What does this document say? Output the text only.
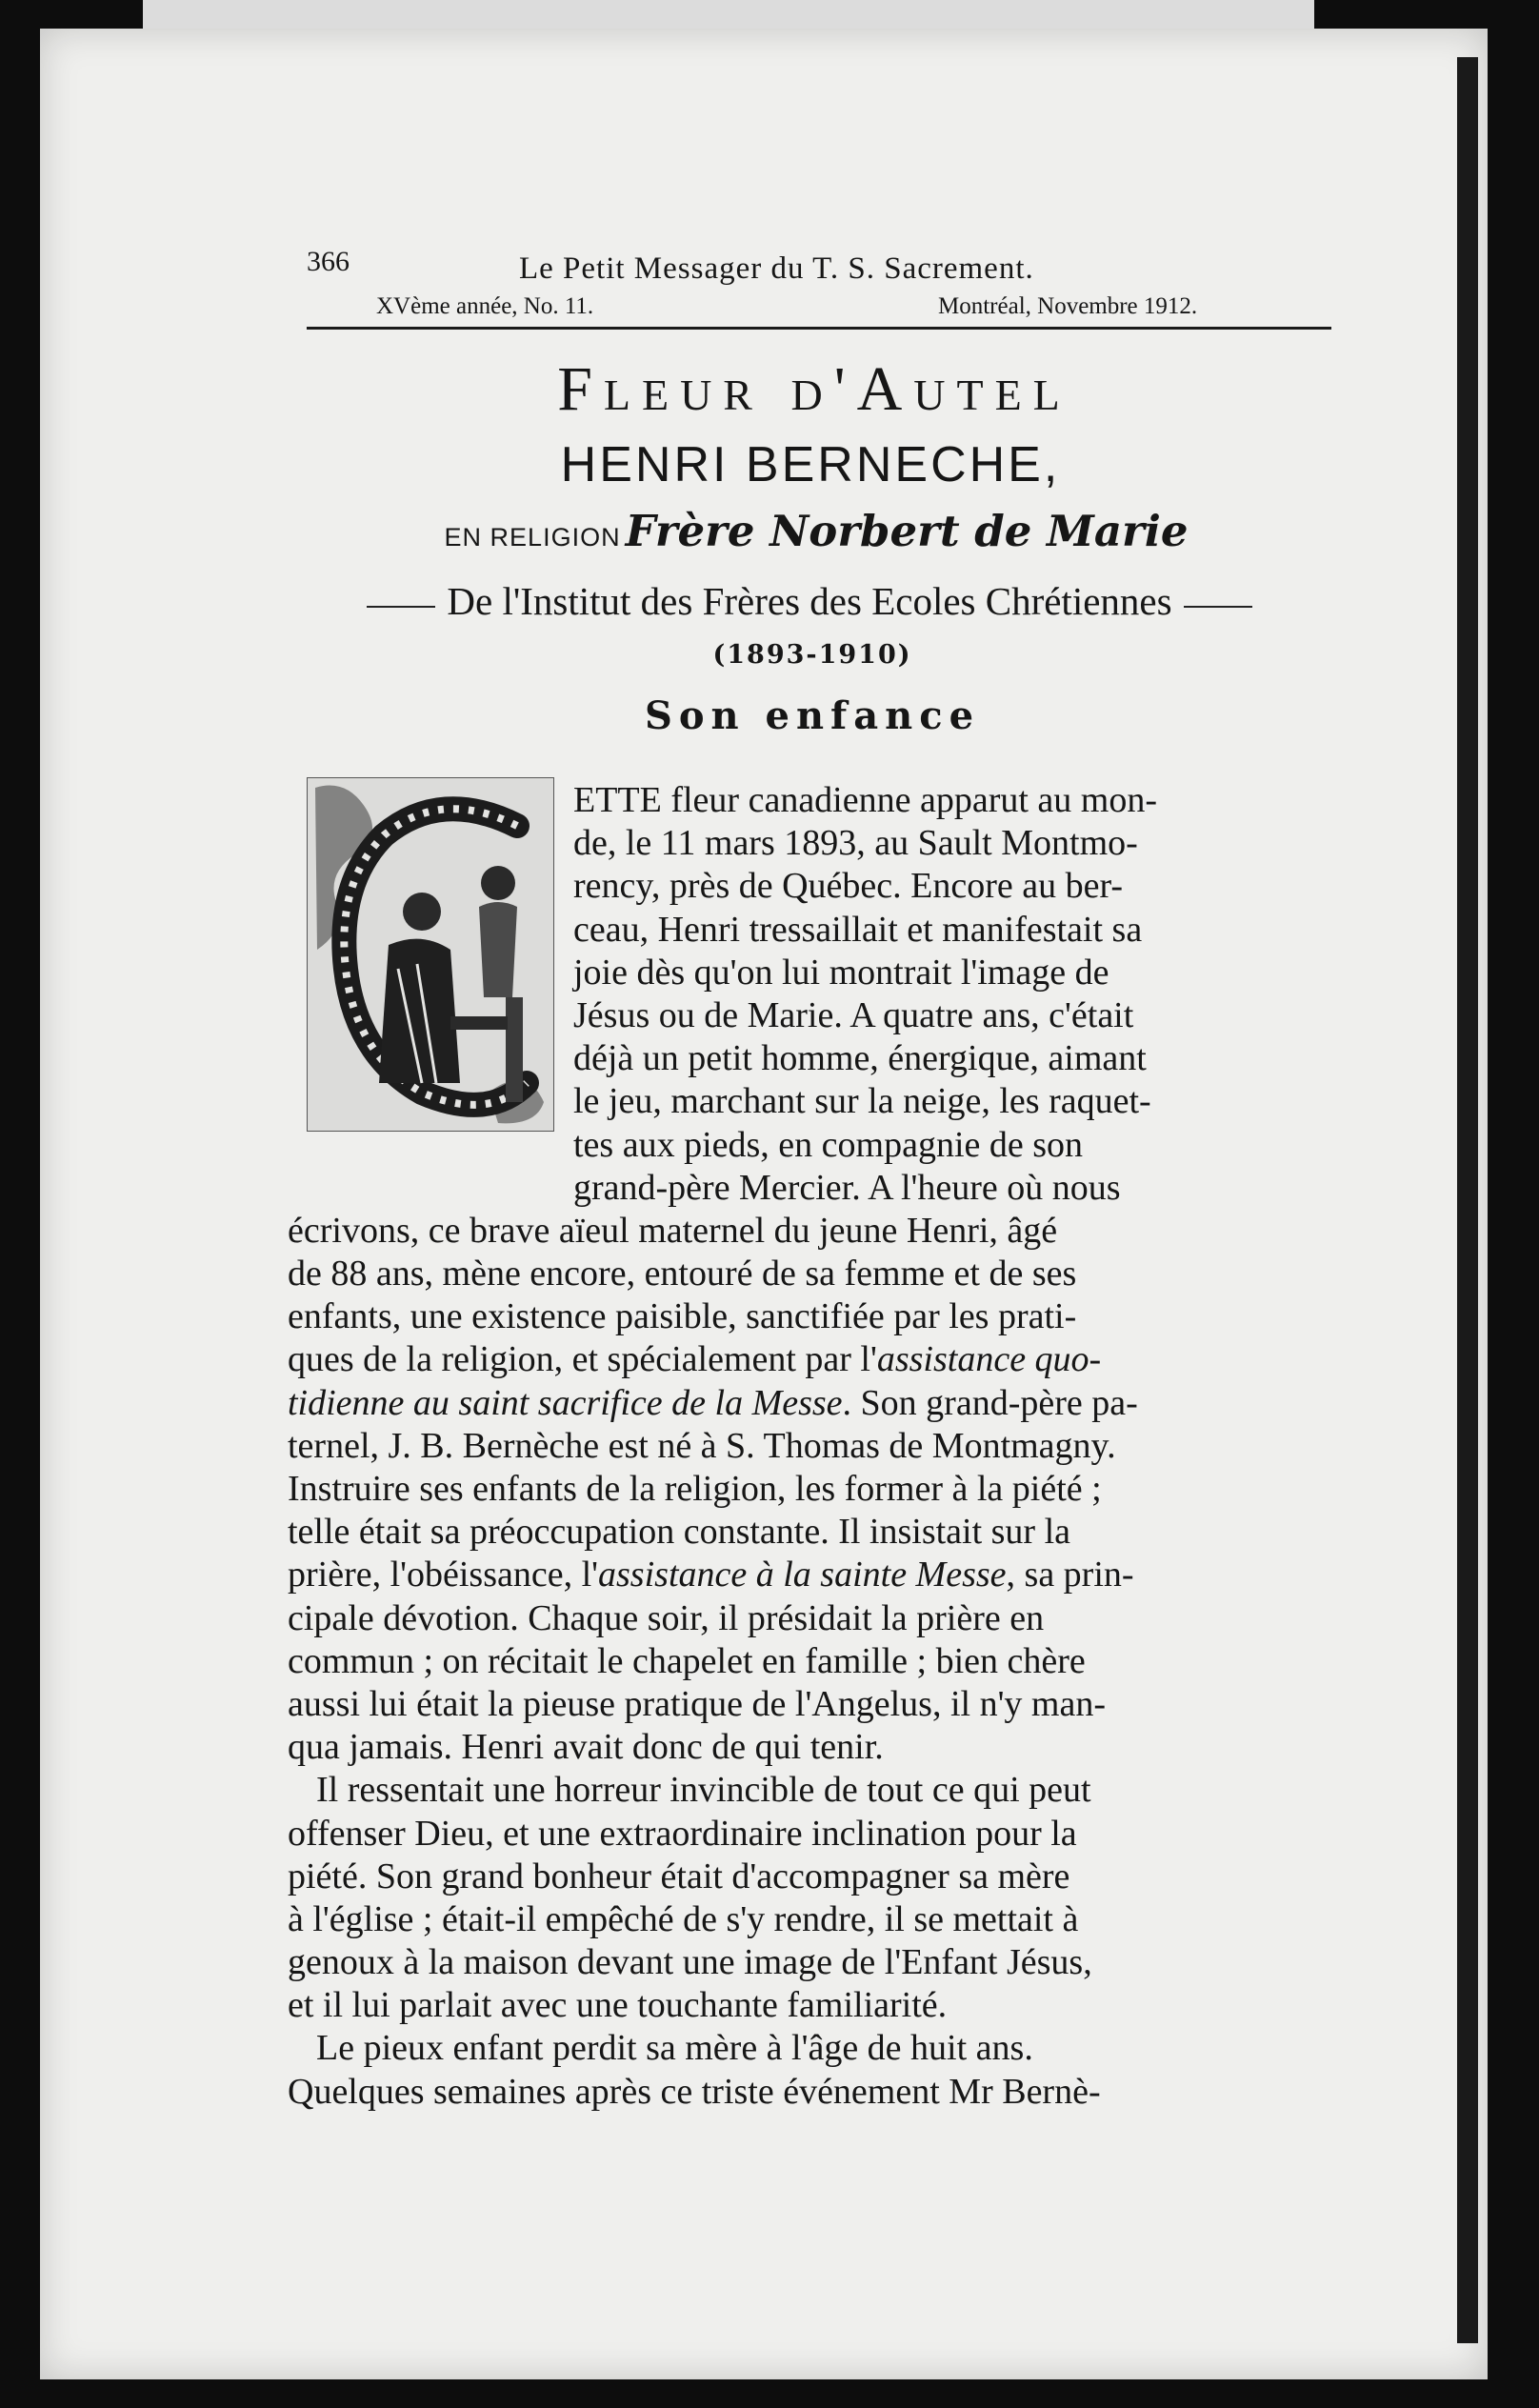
366	Le Petit Messager du T. S. Sacrement.
XVème année, No. 11.	Montréal, Novembre 1912.

Fleur d'Autel

HENRI BERNECHE,

EN RELIGION Frère Norbert de Marie

De l'Institut des Frères des Ecoles Chrétiennes

(1893-1910)

Son enfance

ETTE fleur canadienne apparut au mon-
de, le 11 mars 1893, au Sault Montmo-
rency, près de Québec. Encore au ber-
ceau, Henri tressaillait et manifestait sa
joie dès qu'on lui montrait l'image de
Jésus ou de Marie. A quatre ans, c'était
déjà un petit homme, énergique, aimant
le jeu, marchant sur la neige, les raquet-
tes aux pieds, en compagnie de son
grand-père Mercier. A l'heure où nous
écrivons, ce brave aïeul maternel du jeune Henri, âgé
de 88 ans, mène encore, entouré de sa femme et de ses
enfants, une existence paisible, sanctifiée par les prati-
ques de la religion, et spécialement par l'assistance quo-
tidienne au saint sacrifice de la Messe. Son grand-père pa-
ternel, J. B. Bernèche est né à S. Thomas de Montmagny.
Instruire ses enfants de la religion, les former à la piété ;
telle était sa préoccupation constante. Il insistait sur la
prière, l'obéissance, l'assistance à la sainte Messe, sa prin-
cipale dévotion. Chaque soir, il présidait la prière en
commun ; on récitait le chapelet en famille ; bien chère
aussi lui était la pieuse pratique de l'Angelus, il n'y man-
qua jamais. Henri avait donc de qui tenir.
Il ressentait une horreur invincible de tout ce qui peut
offenser Dieu, et une extraordinaire inclination pour la
piété. Son grand bonheur était d'accompagner sa mère
à l'église ; était-il empêché de s'y rendre, il se mettait à
genoux à la maison devant une image de l'Enfant Jésus,
et il lui parlait avec une touchante familiarité.
Le pieux enfant perdit sa mère à l'âge de huit ans.
Quelques semaines après ce triste événement Mr Bernè-
